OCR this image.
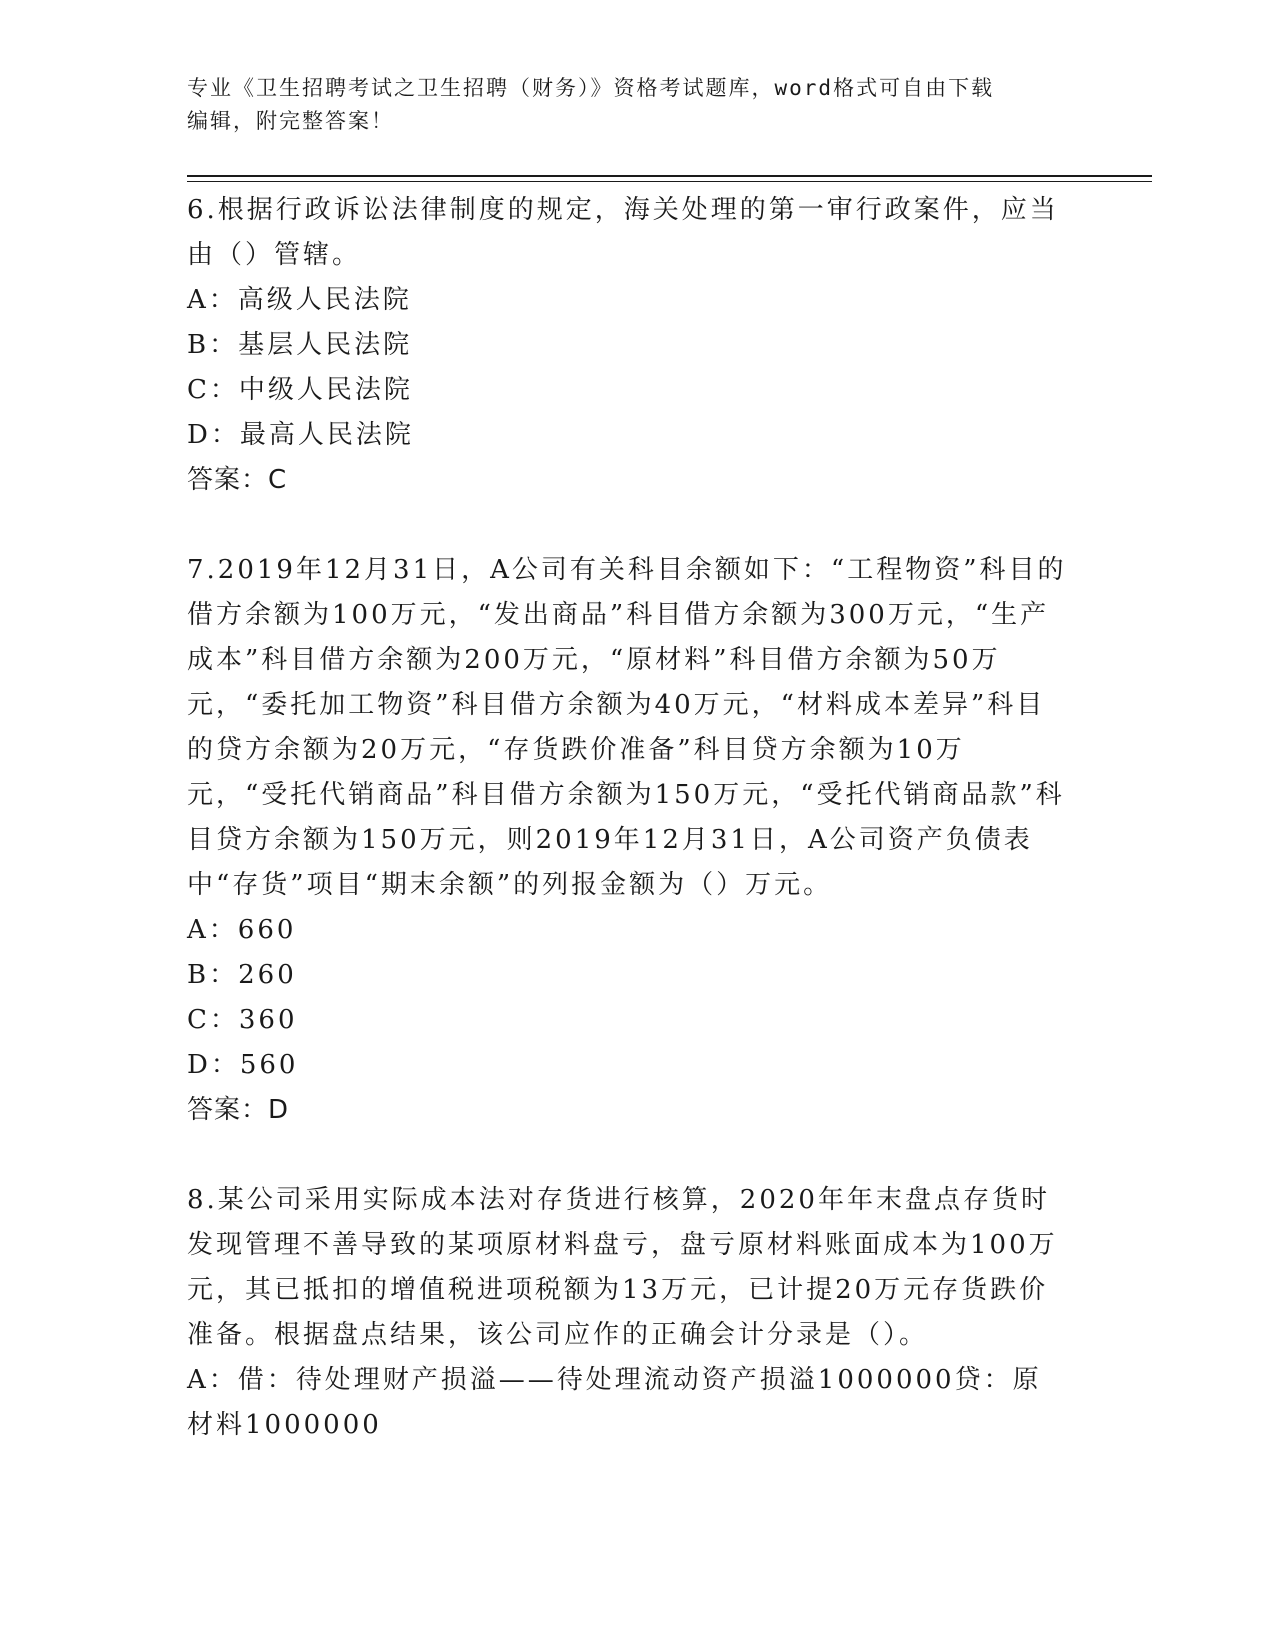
专业《卫生招聘考试之卫生招聘（财务）》资格考试题库，word格式可自由下载
编辑，附完整答案！

6.根据行政诉讼法律制度的规定，海关处理的第一审行政案件，应当由（）管辖。

A：高级人民法院

B：基层人民法院

C：中级人民法院

D：最高人民法院

答案：C

7.2019年12月31日，A公司有关科目余额如下：“工程物资”科目的借方余额为100万元，“发出商品”科目借方余额为300万元，“生产成本”科目借方余额为200万元，“原材料”科目借方余额为50万元，“委托加工物资”科目借方余额为40万元，“材料成本差异”科目的贷方余额为20万元，“存货跌价准备”科目贷方余额为10万元，“受托代销商品”科目借方余额为150万元，“受托代销商品款”科目贷方余额为150万元，则2019年12月31日，A公司资产负债表中“存货”项目“期末余额”的列报金额为（）万元。

A：660

B：260

C：360

D：560

答案：D

8.某公司采用实际成本法对存货进行核算，2020年年末盘点存货时发现管理不善导致的某项原材料盘亏，盘亏原材料账面成本为100万元，其已抵扣的增值税进项税额为13万元，已计提20万元存货跌价准备。根据盘点结果，该公司应作的正确会计分录是（）。

A：借：待处理财产损溢——待处理流动资产损溢1000000贷：原材料1000000
